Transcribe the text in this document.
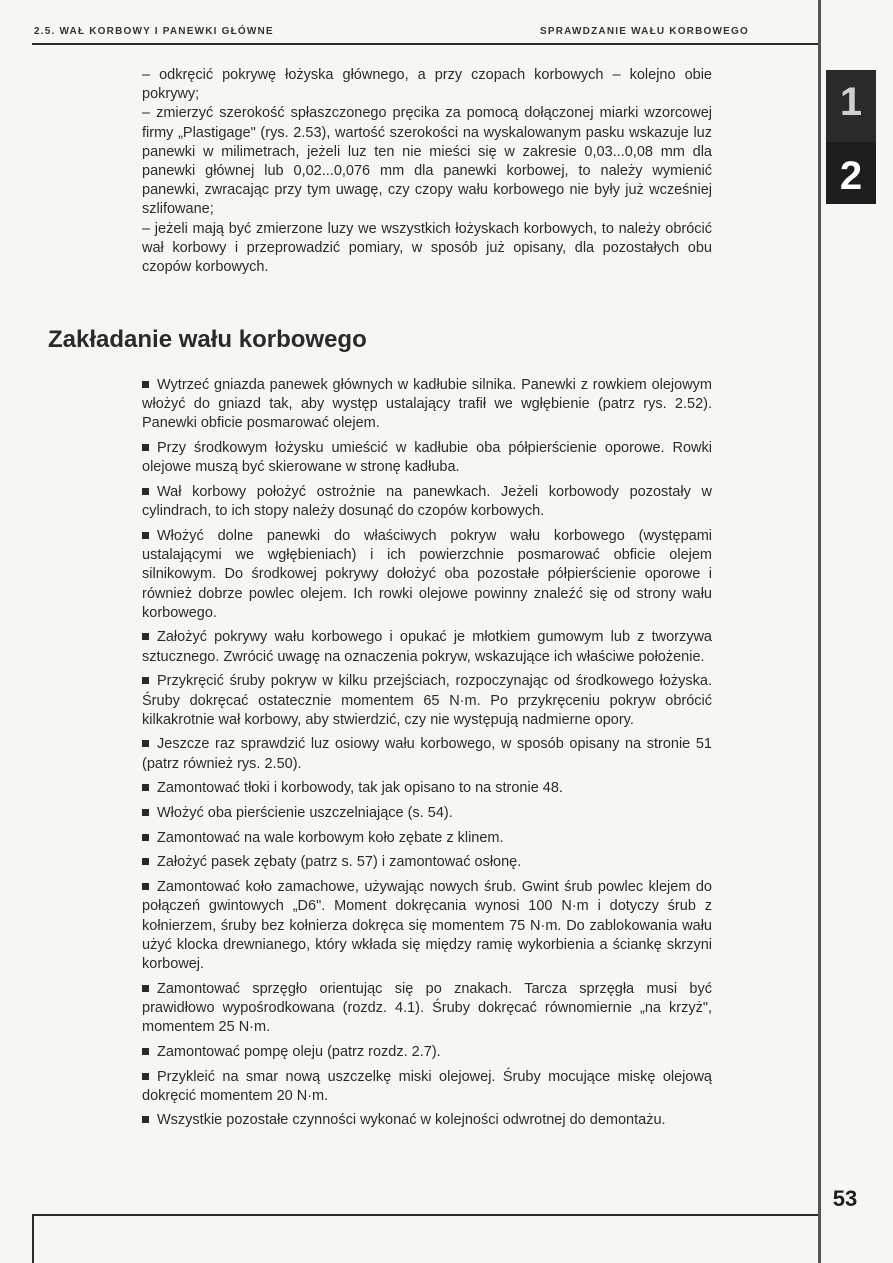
2.5. WAŁ KORBOWY I PANEWKI GŁÓWNE	SPRAWDZANIE WAŁU KORBOWEGO
1
2

– odkręcić pokrywę łożyska głównego, a przy czopach korbowych – kolejno obie pokrywy;

– zmierzyć szerokość spłaszczonego pręcika za pomocą dołączonej miarki wzorcowej firmy „Plastigage" (rys. 2.53), wartość szerokości na wyskalowanym pasku wskazuje luz panewki w milimetrach, jeżeli luz ten nie mieści się w zakresie 0,03...0,08 mm dla panewki głównej lub 0,02...0,076 mm dla panewki korbowej, to należy wymienić panewki, zwracając przy tym uwagę, czy czopy wału korbowego nie były już wcześniej szlifowane;

– jeżeli mają być zmierzone luzy we wszystkich łożyskach korbowych, to należy obrócić wał korbowy i przeprowadzić pomiary, w sposób już opisany, dla pozostałych obu czopów korbowych.

Zakładanie wału korbowego

Wytrzeć gniazda panewek głównych w kadłubie silnika. Panewki z rowkiem olejowym włożyć do gniazd tak, aby występ ustalający trafił we wgłębienie (patrz rys. 2.52). Panewki obficie posmarować olejem.

Przy środkowym łożysku umieścić w kadłubie oba półpierścienie oporowe. Rowki olejowe muszą być skierowane w stronę kadłuba.

Wał korbowy położyć ostrożnie na panewkach. Jeżeli korbowody pozostały w cylindrach, to ich stopy należy dosunąć do czopów korbowych.

Włożyć dolne panewki do właściwych pokryw wału korbowego (występami ustalającymi we wgłębieniach) i ich powierzchnie posmarować obficie olejem silnikowym. Do środkowej pokrywy dołożyć oba pozostałe półpierścienie oporowe i również dobrze powlec olejem. Ich rowki olejowe powinny znaleźć się od strony wału korbowego.

Założyć pokrywy wału korbowego i opukać je młotkiem gumowym lub z tworzywa sztucznego. Zwrócić uwagę na oznaczenia pokryw, wskazujące ich właściwe położenie.

Przykręcić śruby pokryw w kilku przejściach, rozpoczynając od środkowego łożyska. Śruby dokręcać ostatecznie momentem 65 N·m. Po przykręceniu pokryw obrócić kilkakrotnie wał korbowy, aby stwierdzić, czy nie występują nadmierne opory.

Jeszcze raz sprawdzić luz osiowy wału korbowego, w sposób opisany na stronie 51 (patrz również rys. 2.50).

Zamontować tłoki i korbowody, tak jak opisano to na stronie 48.

Włożyć oba pierścienie uszczelniające (s. 54).

Zamontować na wale korbowym koło zębate z klinem.

Założyć pasek zębaty (patrz s. 57) i zamontować osłonę.

Zamontować koło zamachowe, używając nowych śrub. Gwint śrub powlec klejem do połączeń gwintowych „D6". Moment dokręcania wynosi 100 N·m i dotyczy śrub z kołnierzem, śruby bez kołnierza dokręca się momentem 75 N·m. Do zablokowania wału użyć klocka drewnianego, który wkłada się między ramię wykorbienia a ściankę skrzyni korbowej.

Zamontować sprzęgło orientując się po znakach. Tarcza sprzęgła musi być prawidłowo wypośrodkowana (rozdz. 4.1). Śruby dokręcać równomiernie „na krzyż", momentem 25 N·m.

Zamontować pompę oleju (patrz rozdz. 2.7).

Przykleić na smar nową uszczelkę miski olejowej. Śruby mocujące miskę olejową dokręcić momentem 20 N·m.

Wszystkie pozostałe czynności wykonać w kolejności odwrotnej do demontażu.

53
